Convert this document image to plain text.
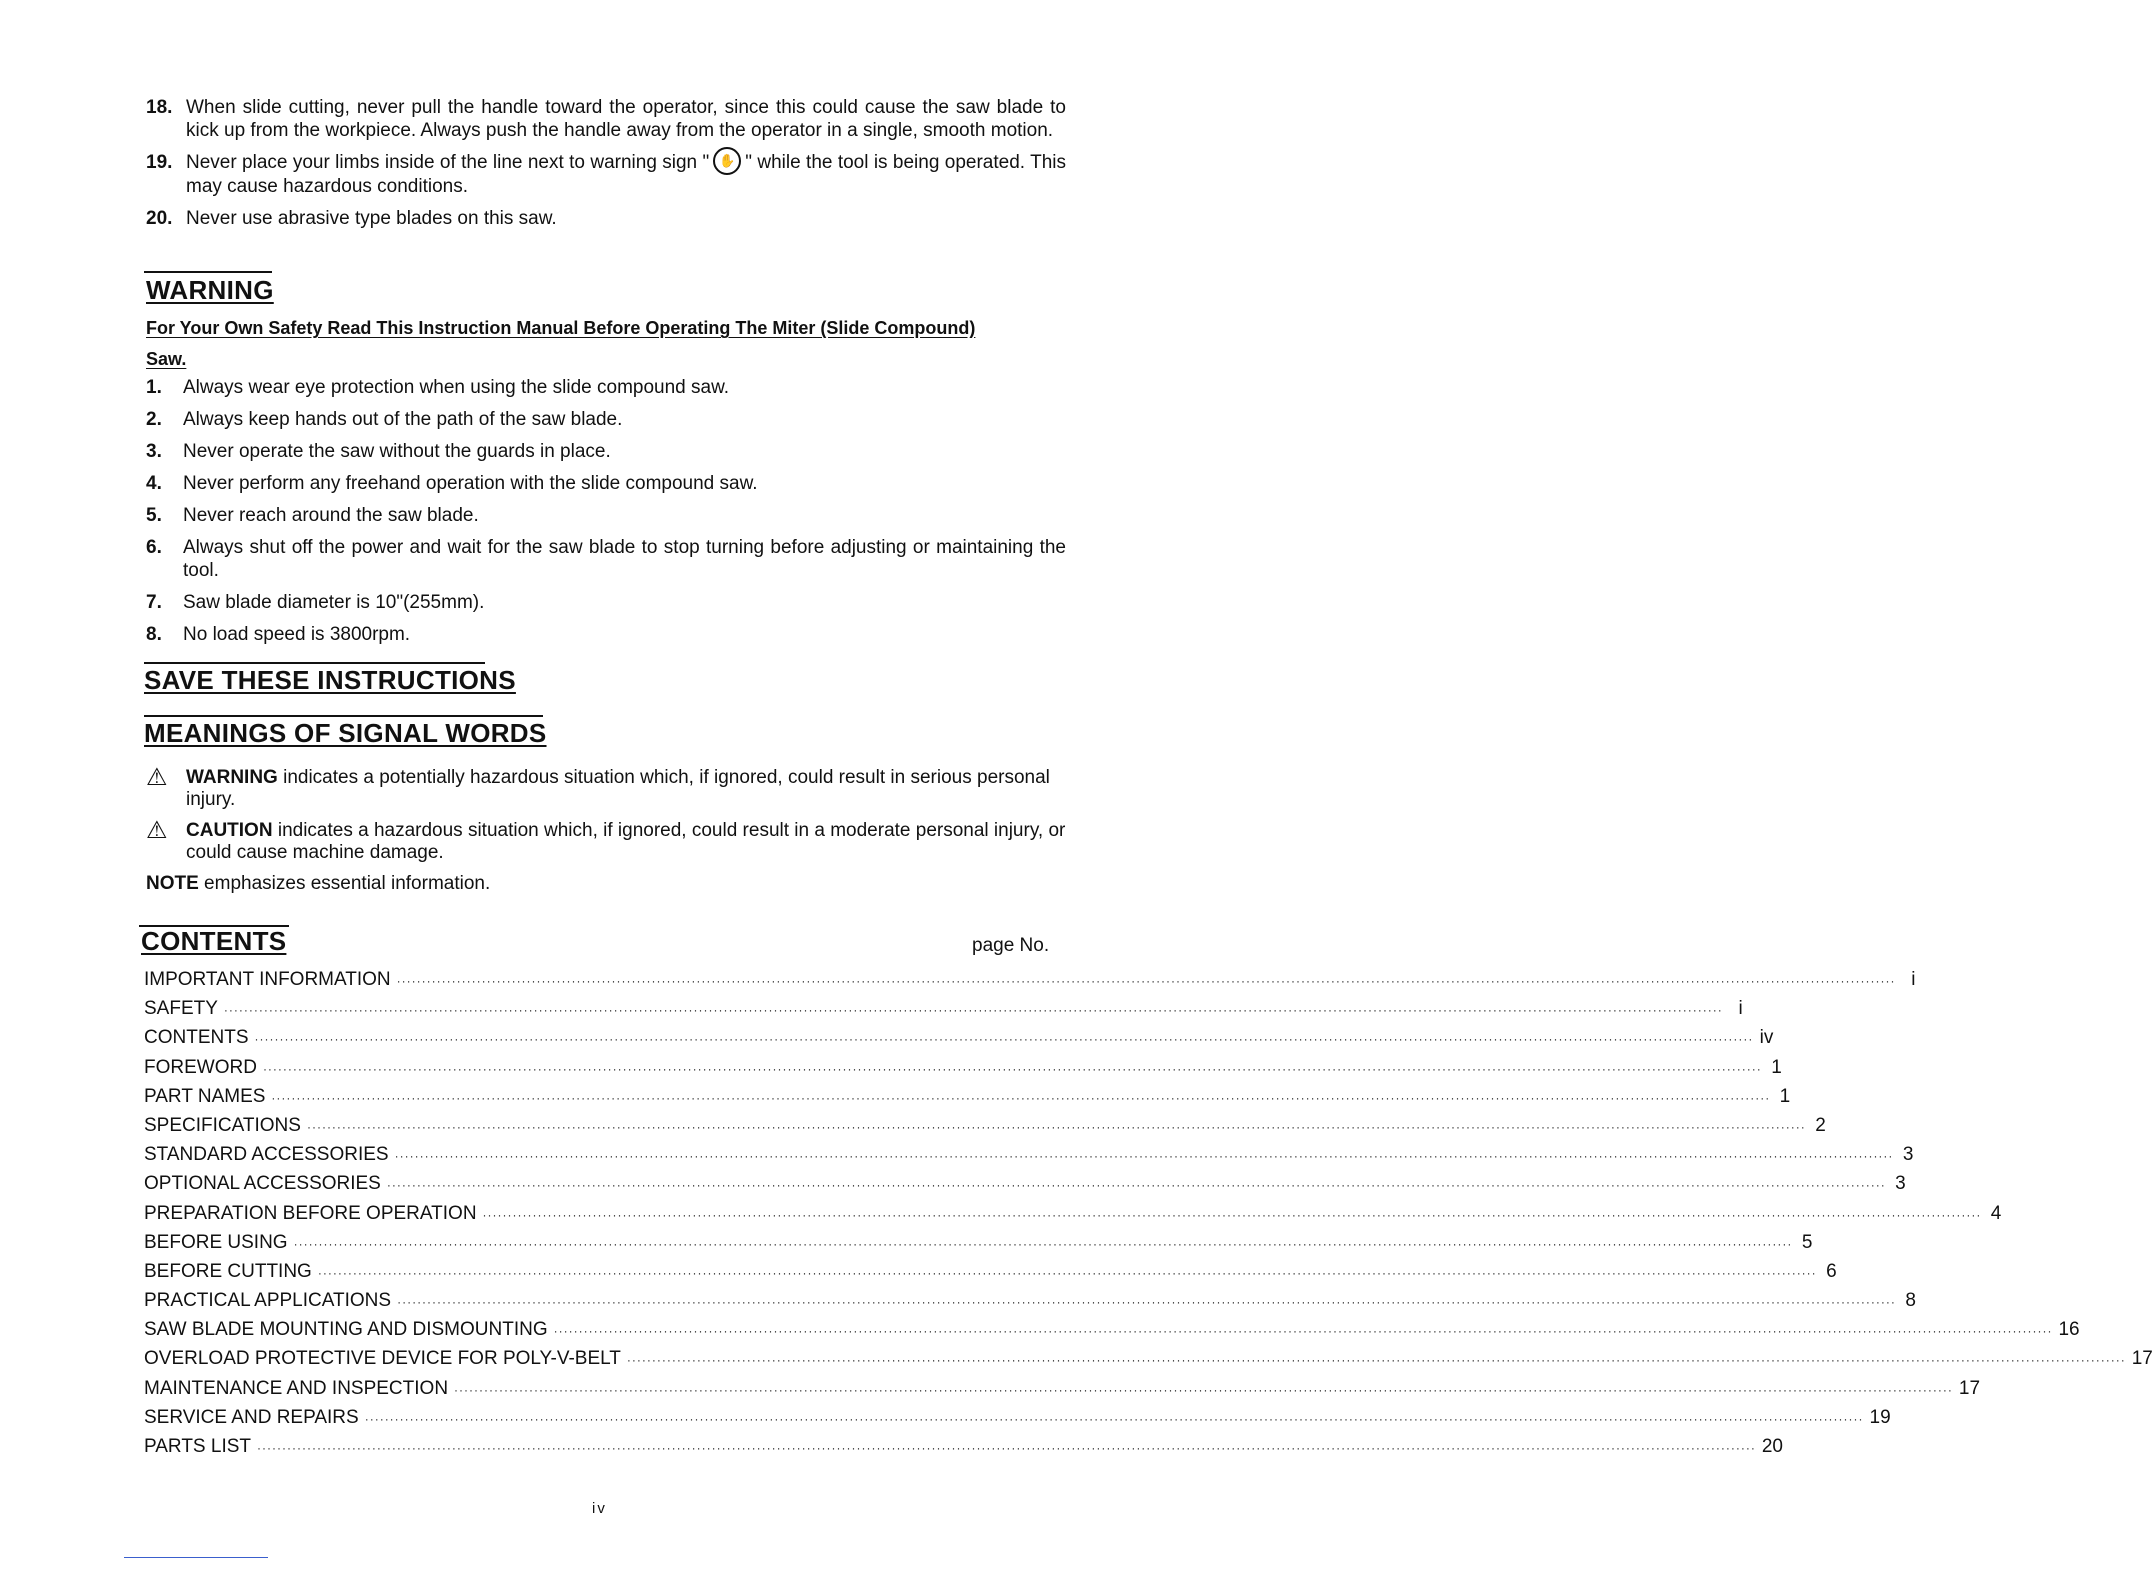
18. When slide cutting, never pull the handle toward the operator, since this could cause the saw blade to kick up from the workpiece. Always push the handle away from the operator in a single, smooth motion.
19. Never place your limbs inside of the line next to warning sign " ✋ " while the tool is being operated. This may cause hazardous conditions.
20. Never use abrasive type blades on this saw.
WARNING
For Your Own Safety Read This Instruction Manual Before Operating The Miter (Slide Compound) Saw.
1.	Always wear eye protection when using the slide compound saw.
2.	Always keep hands out of the path of the saw blade.
3.	Never operate the saw without the guards in place.
4.	Never perform any freehand operation with the slide compound saw.
5.	Never reach around the saw blade.
6.	Always shut off the power and wait for the saw blade to stop turning before adjusting or maintaining the tool.
7.	Saw blade diameter is 10"(255mm).
8.	No load speed is 3800rpm.
SAVE THESE INSTRUCTIONS
MEANINGS OF SIGNAL WORDS
⚠ WARNING indicates a potentially hazardous situation which, if ignored, could result in serious personal injury.
⚠ CAUTION indicates a hazardous situation which, if ignored, could result in a moderate personal injury, or could cause machine damage.
NOTE emphasizes essential information.
CONTENTS	page No.
IMPORTANT INFORMATION ············································································································································································································································································································ i
SAFETY ············································································································································································································································································································ i
CONTENTS ············································································································································································································································································································ iv
FOREWORD ············································································································································································································································································································ 1
PART NAMES ············································································································································································································································································································ 1
SPECIFICATIONS ············································································································································································································································································································ 2
STANDARD ACCESSORIES ············································································································································································································································································································ 3
OPTIONAL ACCESSORIES ············································································································································································································································································································ 3
PREPARATION BEFORE OPERATION ············································································································································································································································································································ 4
BEFORE USING ············································································································································································································································································································ 5
BEFORE CUTTING ············································································································································································································································································································ 6
PRACTICAL APPLICATIONS ············································································································································································································································································································ 8
SAW BLADE MOUNTING AND DISMOUNTING ············································································································································································································································································································ 16
OVERLOAD PROTECTIVE DEVICE FOR POLY-V-BELT ············································································································································································································································································································ 17
MAINTENANCE AND INSPECTION ············································································································································································································································································································ 17
SERVICE AND REPAIRS ············································································································································································································································································································ 19
PARTS LIST ············································································································································································································································································································ 20
iv
